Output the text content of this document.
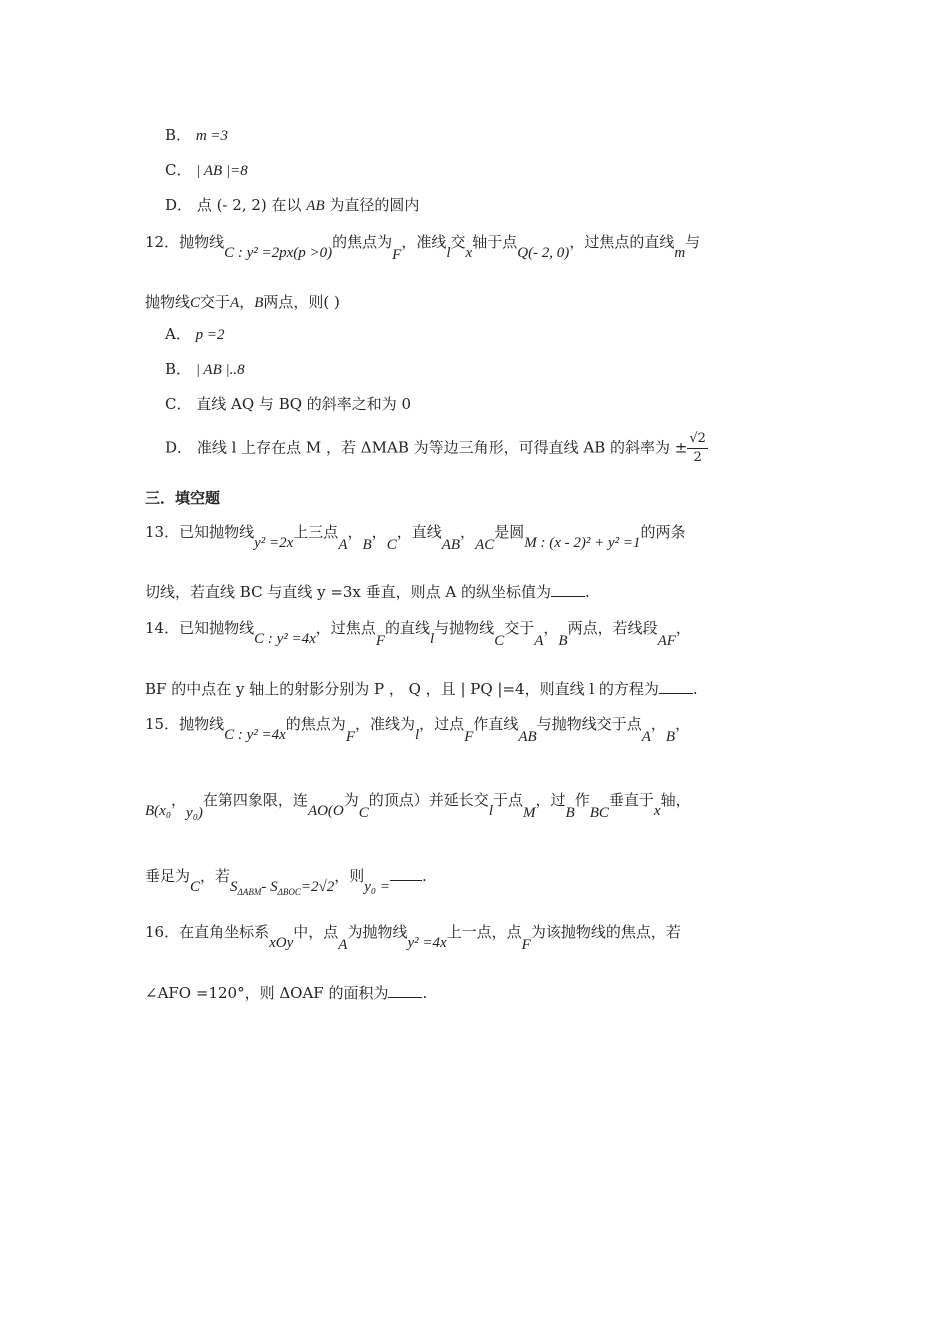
B． m =3
C． | AB |=8
D． 点 (- 2, 2) 在以 AB 为直径的圆内
12．抛物线C : y² =2px(p >0)的焦点为F，准线l交x轴于点Q(- 2, 0)，过焦点的直线m与
抛物线C交于A，B两点，则( )
A． p =2
B． | AB |..8
C． 直线 AQ 与 BQ 的斜率之和为 0
D． 准线 l 上存在点 M ，若 ΔMAB 为等边三角形，可得直线 AB 的斜率为 ± $\frac{√2}{2}$
三．填空题
13．已知抛物线y² =2x上三点A，B，C，直线AB，AC是圆M : (x - 2)² + y² =1的两条
切线，若直线 BC 与直线 y =3x 垂直，则点 A 的纵坐标值为 .
14．已知抛物线C : y² =4x，过焦点F的直线l与抛物线C交于A，B两点，若线段AF，
BF 的中点在 y 轴上的射影分别为 P ， Q ，且 | PQ |=4，则直线 l 的方程为 .
15．抛物线C : y² =4x的焦点为F，准线为l，过点F作直线AB与抛物线交于点A，B，
B(x₀，y₀)在第四象限，连AO(O为C的顶点）并延长交l于点M，过B作BC垂直于x轴，
垂足为C，若$S_{\Delta ABM}-$ $S_{\Delta BOC}=2√2$，则y₀ =.
16．在直角坐标系xOy中，点A为抛物线y² =4x上一点，点F为该抛物线的焦点，若
∠AFO =120°，则 ΔOAF 的面积为 .
